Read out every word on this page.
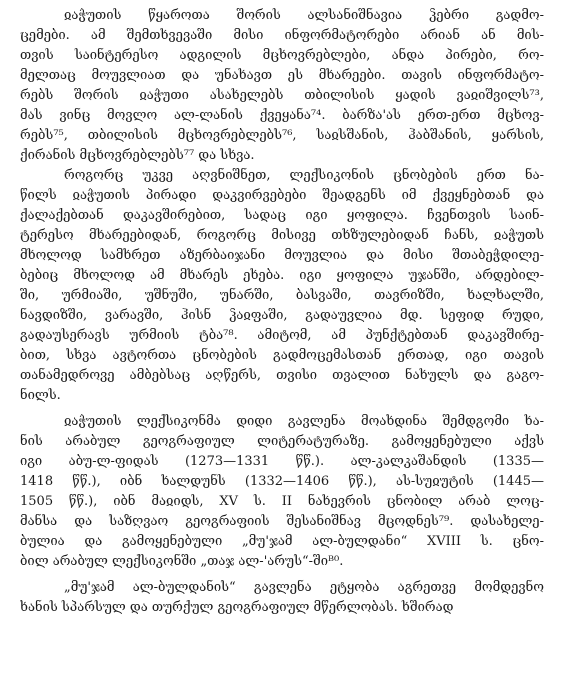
ჲაჭუთის წყაროთა შორის ალსანიშნავია ჴებრი გადმო-
ცემები. ამ შემთხვევაში მისი ინფორმატორები არიან ან მის-
თვის საინტერესო ადგილის მცხოვრებლები, ანდა პირები, რო-
მელთაც მოუვლიათ და უნახავთ ეს მხარეები. თავის ინფორმატო-
რებს შორის ჲაჭუთი ასახელებს თბილისის ყადის ვაჲიშვილს⁷³,
მას ვინც მოვლო ალ-ლანის ქვეყანა⁷⁴. ბარზა'ას ერთ-ერთ მცხოვ-
რებს⁷⁵, თბილისის მცხოვრებლებს⁷⁶, საჲსშანის, ჰაბშანის, ყარსის,
ქირანის მცხოვრებლებს⁷⁷ და სხვა.

როგორც უკვე აღვნიშნეთ, ლექსიკონის ცნობების ერთ ნა-
წილს ჲაჭუთის პირადი დაკვირვებები შეადგენს იმ ქვეყნებთან და
ქალაქებთან დაკავშირებით, სადაც იგი ყოფილა. ჩვენთვის საინ-
ტერესო მხარეებიდან, როგორც მისივე თხზულებიდან ჩანს, ჲაჭუთს
მხოლოდ სამხრეთ აზერბაიჯანი მოუვლია და მისი შთაბეჭდილე-
ბებიც მხოლოდ ამ მხარეს ეხება. იგი ყოფილა უჯანში, არდებილ-
ში, ურმიაში, უშნუში, უნარში, ბასვაში, თავრიზში, ხალხალში,
ნავდიზში, ვარავში, ჰისნ ჴაჲფაში, გადაუვლია მდ. სეფიდ რუდი,
გადაუსერავს ურმიის ტბა⁷⁸. ამიტომ, ამ პუნქტებთან დაკავშირე-
ბით, სხვა ავტორთა ცნობების გადმოცემასთან ერთად, იგი თავის
თანამედროვე ამბებსაც აღწერს, თვისი თვალით ნახულს და გაგო-
ნილს.

ჲაჭუთის ლექსიკონმა დიდი გავლენა მოახდინა შემდგომი ხა-
ნის არაბულ გეოგრაფიულ ლიტერატურაზე. გამოყენებული აქვს
იგი აბუ-ლ-ფიდას (1273—1331 წწ.). ალ-კალკაშანდის (1335—
1418 წწ.), იბნ ხალდუნს (1332—1406 წწ.), ას-სუჲუტის (1445—
1505 წწ.), იბნ მაჲიდს, XV ს. II ნახევრის ცნობილ არაბ ლოც-
მანსა და საზღვაო გეოგრაფიის შესანიშნავ მცოდნეს⁷⁹. დასახელე-
ბულია და გამოყენებული „მუ'ჯამ ალ-ბულდანი“ XVIII ს. ცნო-
ბილ არაბულ ლექსიკონში „თაჯ ალ-'არუს“-შიᴮ⁰.

„მუ'ჯამ ალ-ბულდანის“ გავლენა ეტყობა აგრეთვე მომდევნო
ხანის სპარსულ და თურქულ გეოგრაფიულ მწერლობას. ხშირად
